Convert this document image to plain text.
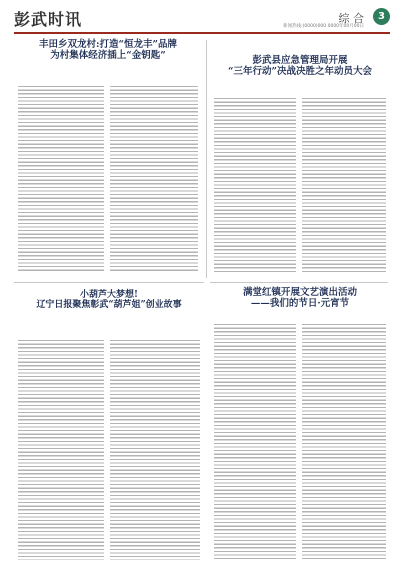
彭武时讯	综 合	3
新闻热线:(0000)000 0000年00月00日
丰田乡双龙村:打造“恒龙丰”品牌
为村集体经济插上“金钥匙”	彭武县应急管理局开展
“三年行动”决战决胜之年动员大会
满堂红镇开展文艺演出活动
——我们的节日·元宵节
小葫芦大梦想!
辽宁日报聚焦彰武“葫芦姐”创业故事
